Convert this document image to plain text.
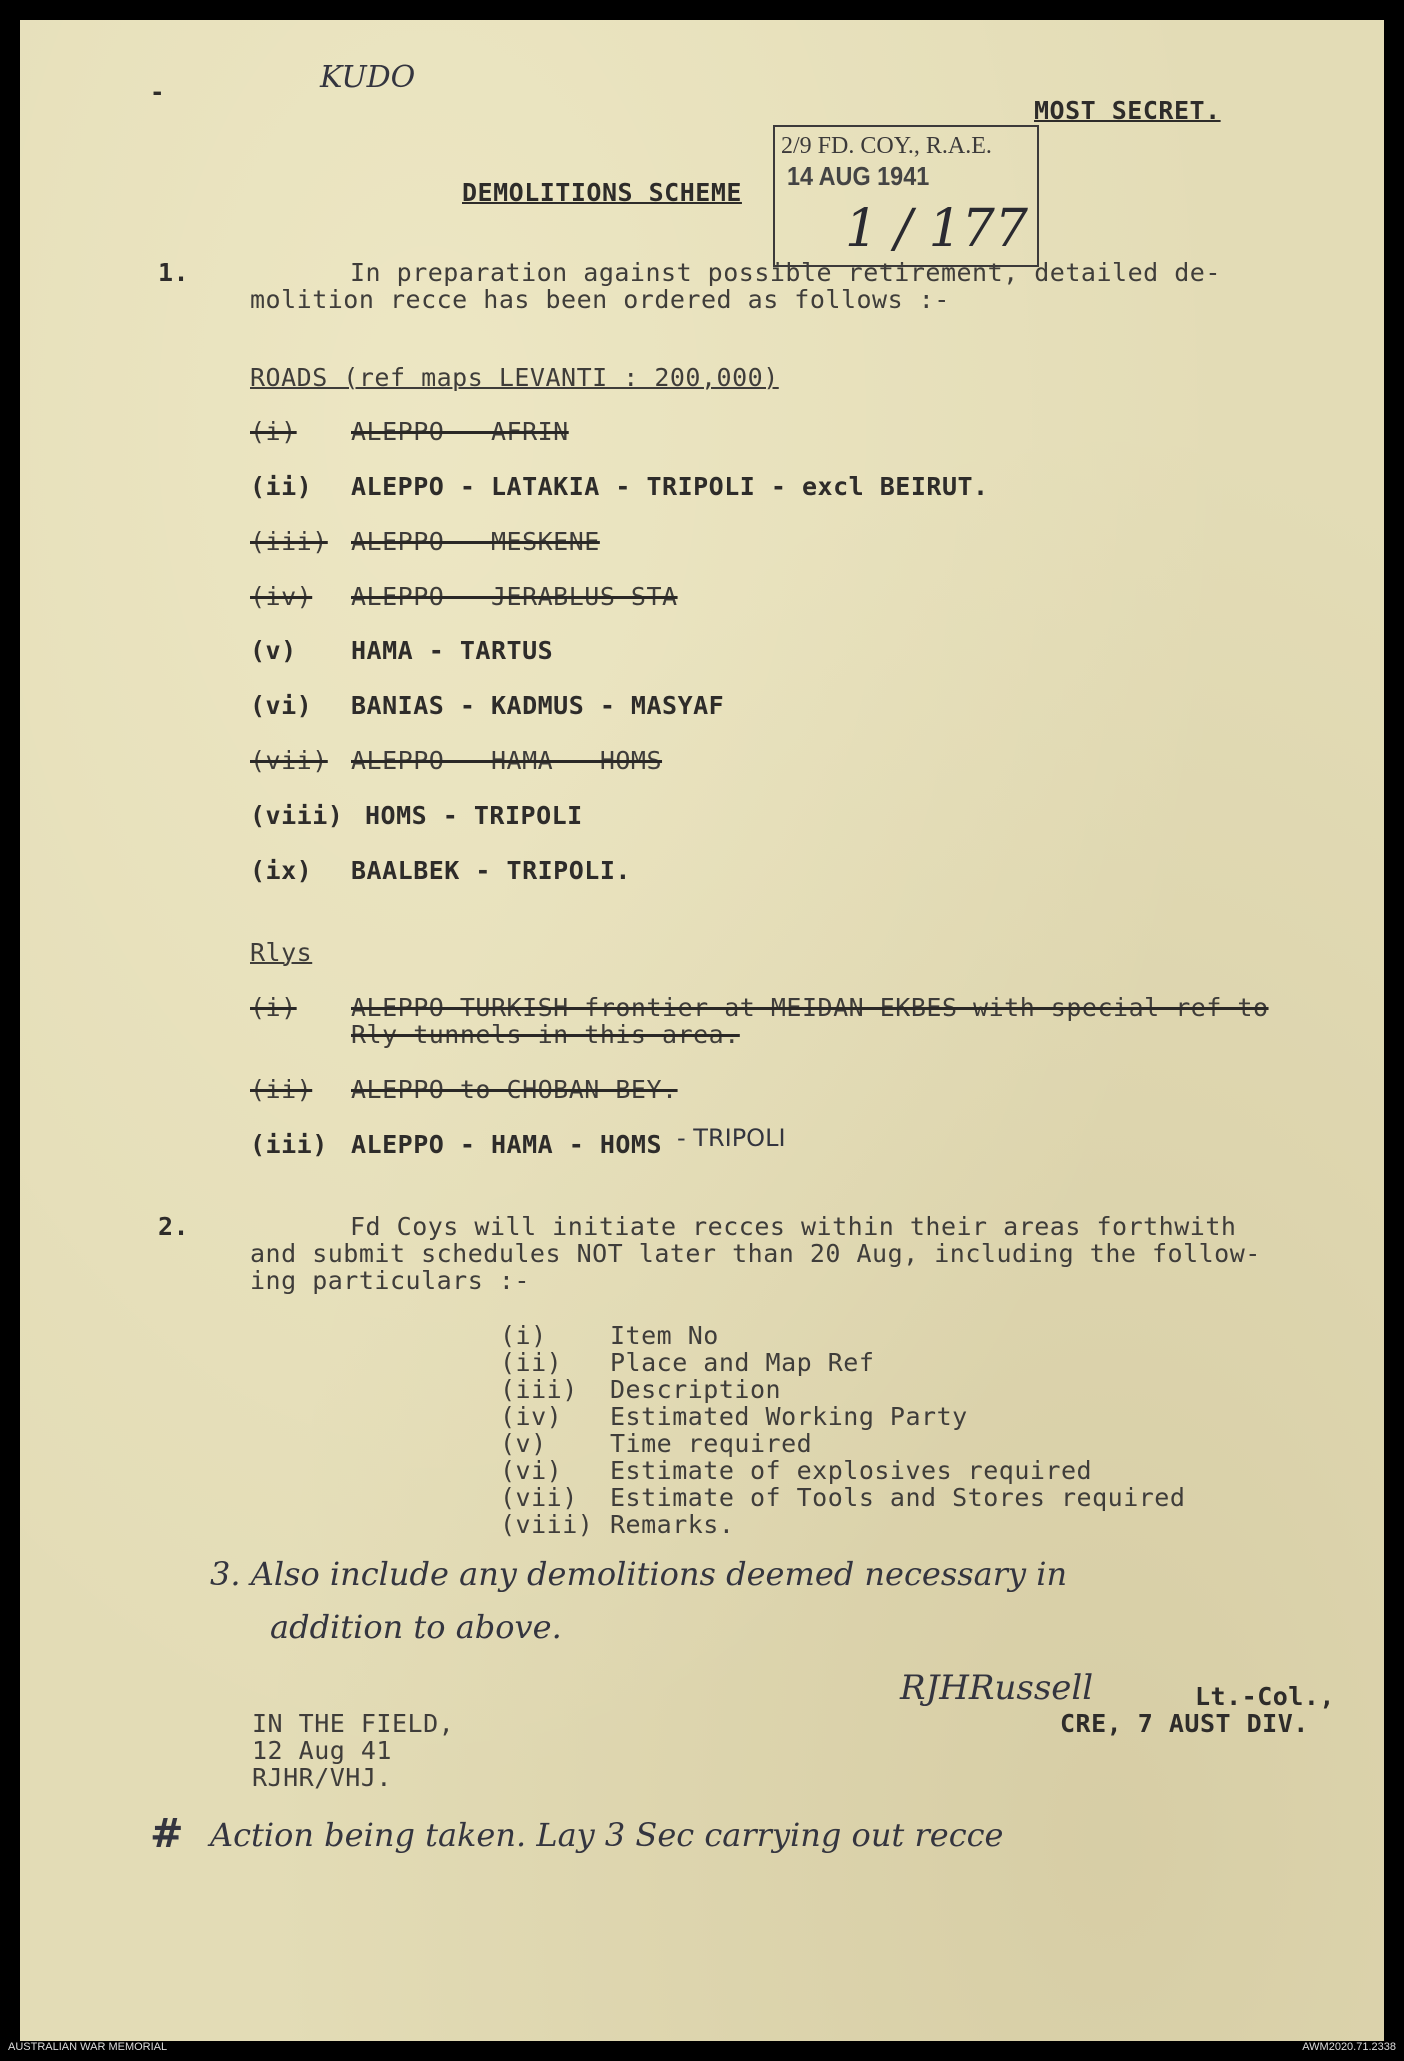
KUDO
-
MOST SECRET.
2/9 FD. COY., R.A.E.
14 AUG 1941
1 / 177
DEMOLITIONS SCHEME
1.	In preparation against possible retirement, detailed de-
molition recce has been ordered as follows :-
ROADS (ref maps LEVANTI : 200,000)
(i) ALEPPO - AFRIN
(ii) ALEPPO - LATAKIA - TRIPOLI - excl BEIRUT.
(iii) ALEPPO - MESKENE
(iv) ALEPPO - JERABLUS STA
(v) HAMA - TARTUS
(vi) BANIAS - KADMUS - MASYAF
(vii) ALEPPO - HAMA - HOMS
(viii) HOMS - TRIPOLI
(ix) BAALBEK - TRIPOLI.
Rlys
(i) ALEPPO-TURKISH frontier at MEIDAN EKBES with special ref to
Rly tunnels in this area.
(ii) ALEPPO to CHOBAN BEY.
(iii) ALEPPO - HAMA - HOMS - TRIPOLI
2.	Fd Coys will initiate recces within their areas forthwith
and submit schedules NOT later than 20 Aug, including the follow-
ing particulars :-
(i)	Item No
(ii) Place and Map Ref
(iii) Description
(iv) Estimated Working Party
(v)	Time required
(vi) Estimate of explosives required
(vii) Estimate of Tools and Stores required
(viii) Remarks.
3. Also include any demolitions deemed necessary in
addition to above.
RJHRussell	Lt.-Col.,
CRE, 7 AUST DIV.
IN THE FIELD,
12 Aug 41
RJHR/VHJ.
# Action being taken. Lay 3 Sec carrying out recce
AUSTRALIAN WAR MEMORIAL	AWM2020.71.2338
